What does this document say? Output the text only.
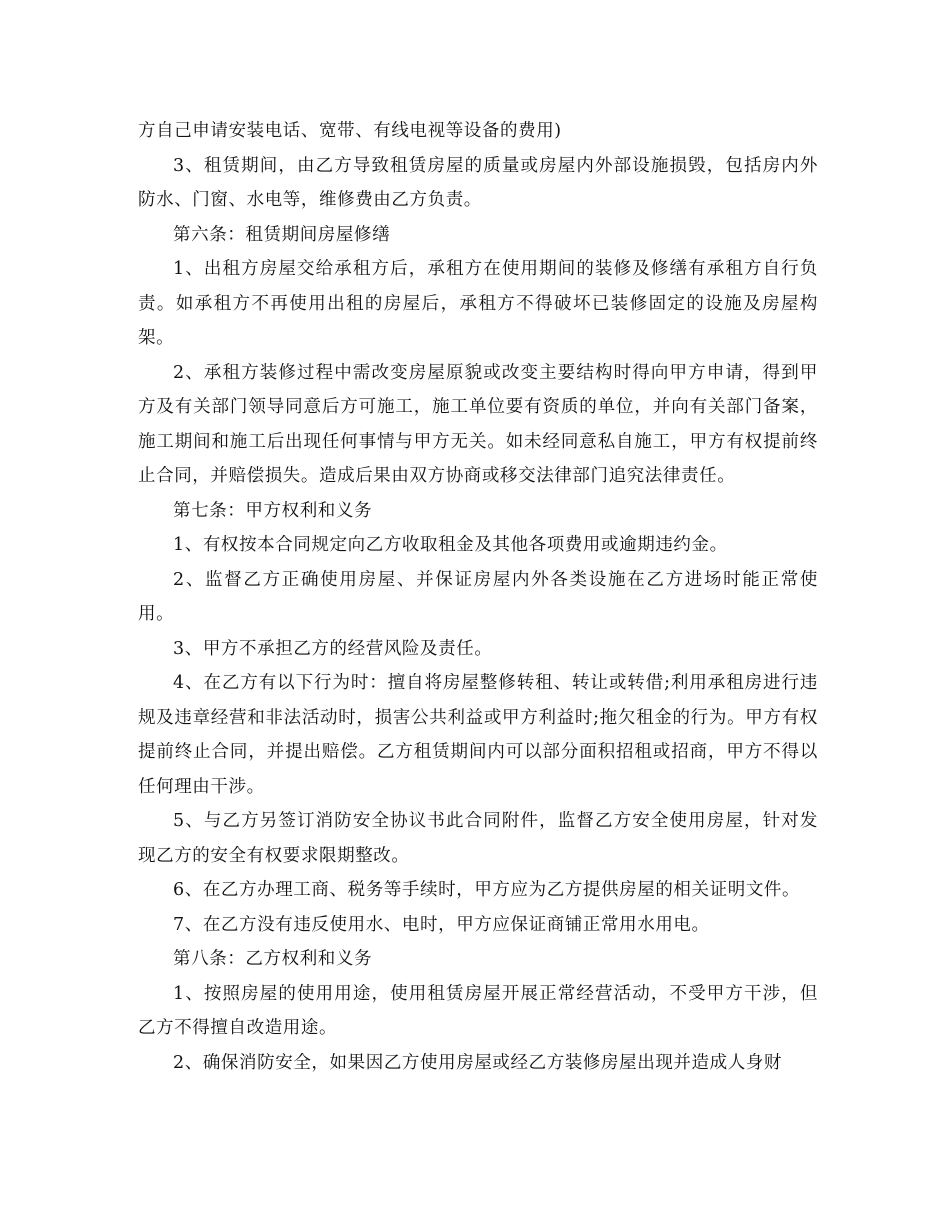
方自己申请安装电话、宽带、有线电视等设备的费用)

3、租赁期间，由乙方导致租赁房屋的质量或房屋内外部设施损毁，包括房内外防水、门窗、水电等，维修费由乙方负责。

第六条：租赁期间房屋修缮

1、出租方房屋交给承租方后，承租方在使用期间的装修及修缮有承租方自行负责。如承租方不再使用出租的房屋后，承租方不得破坏已装修固定的设施及房屋构架。

2、承租方装修过程中需改变房屋原貌或改变主要结构时得向甲方申请，得到甲方及有关部门领导同意后方可施工，施工单位要有资质的单位，并向有关部门备案，施工期间和施工后出现任何事情与甲方无关。如未经同意私自施工，甲方有权提前终止合同，并赔偿损失。造成后果由双方协商或移交法律部门追究法律责任。

第七条：甲方权利和义务

1、有权按本合同规定向乙方收取租金及其他各项费用或逾期违约金。

2、监督乙方正确使用房屋、并保证房屋内外各类设施在乙方进场时能正常使用。

3、甲方不承担乙方的经营风险及责任。

4、在乙方有以下行为时：擅自将房屋整修转租、转让或转借;利用承租房进行违规及违章经营和非法活动时，损害公共利益或甲方利益时;拖欠租金的行为。甲方有权提前终止合同，并提出赔偿。乙方租赁期间内可以部分面积招租或招商，甲方不得以任何理由干涉。

5、与乙方另签订消防安全协议书此合同附件，监督乙方安全使用房屋，针对发现乙方的安全有权要求限期整改。

6、在乙方办理工商、税务等手续时，甲方应为乙方提供房屋的相关证明文件。

7、在乙方没有违反使用水、电时，甲方应保证商铺正常用水用电。

第八条：乙方权利和义务

1、按照房屋的使用用途，使用租赁房屋开展正常经营活动，不受甲方干涉，但乙方不得擅自改造用途。

2、确保消防安全，如果因乙方使用房屋或经乙方装修房屋出现并造成人身财
